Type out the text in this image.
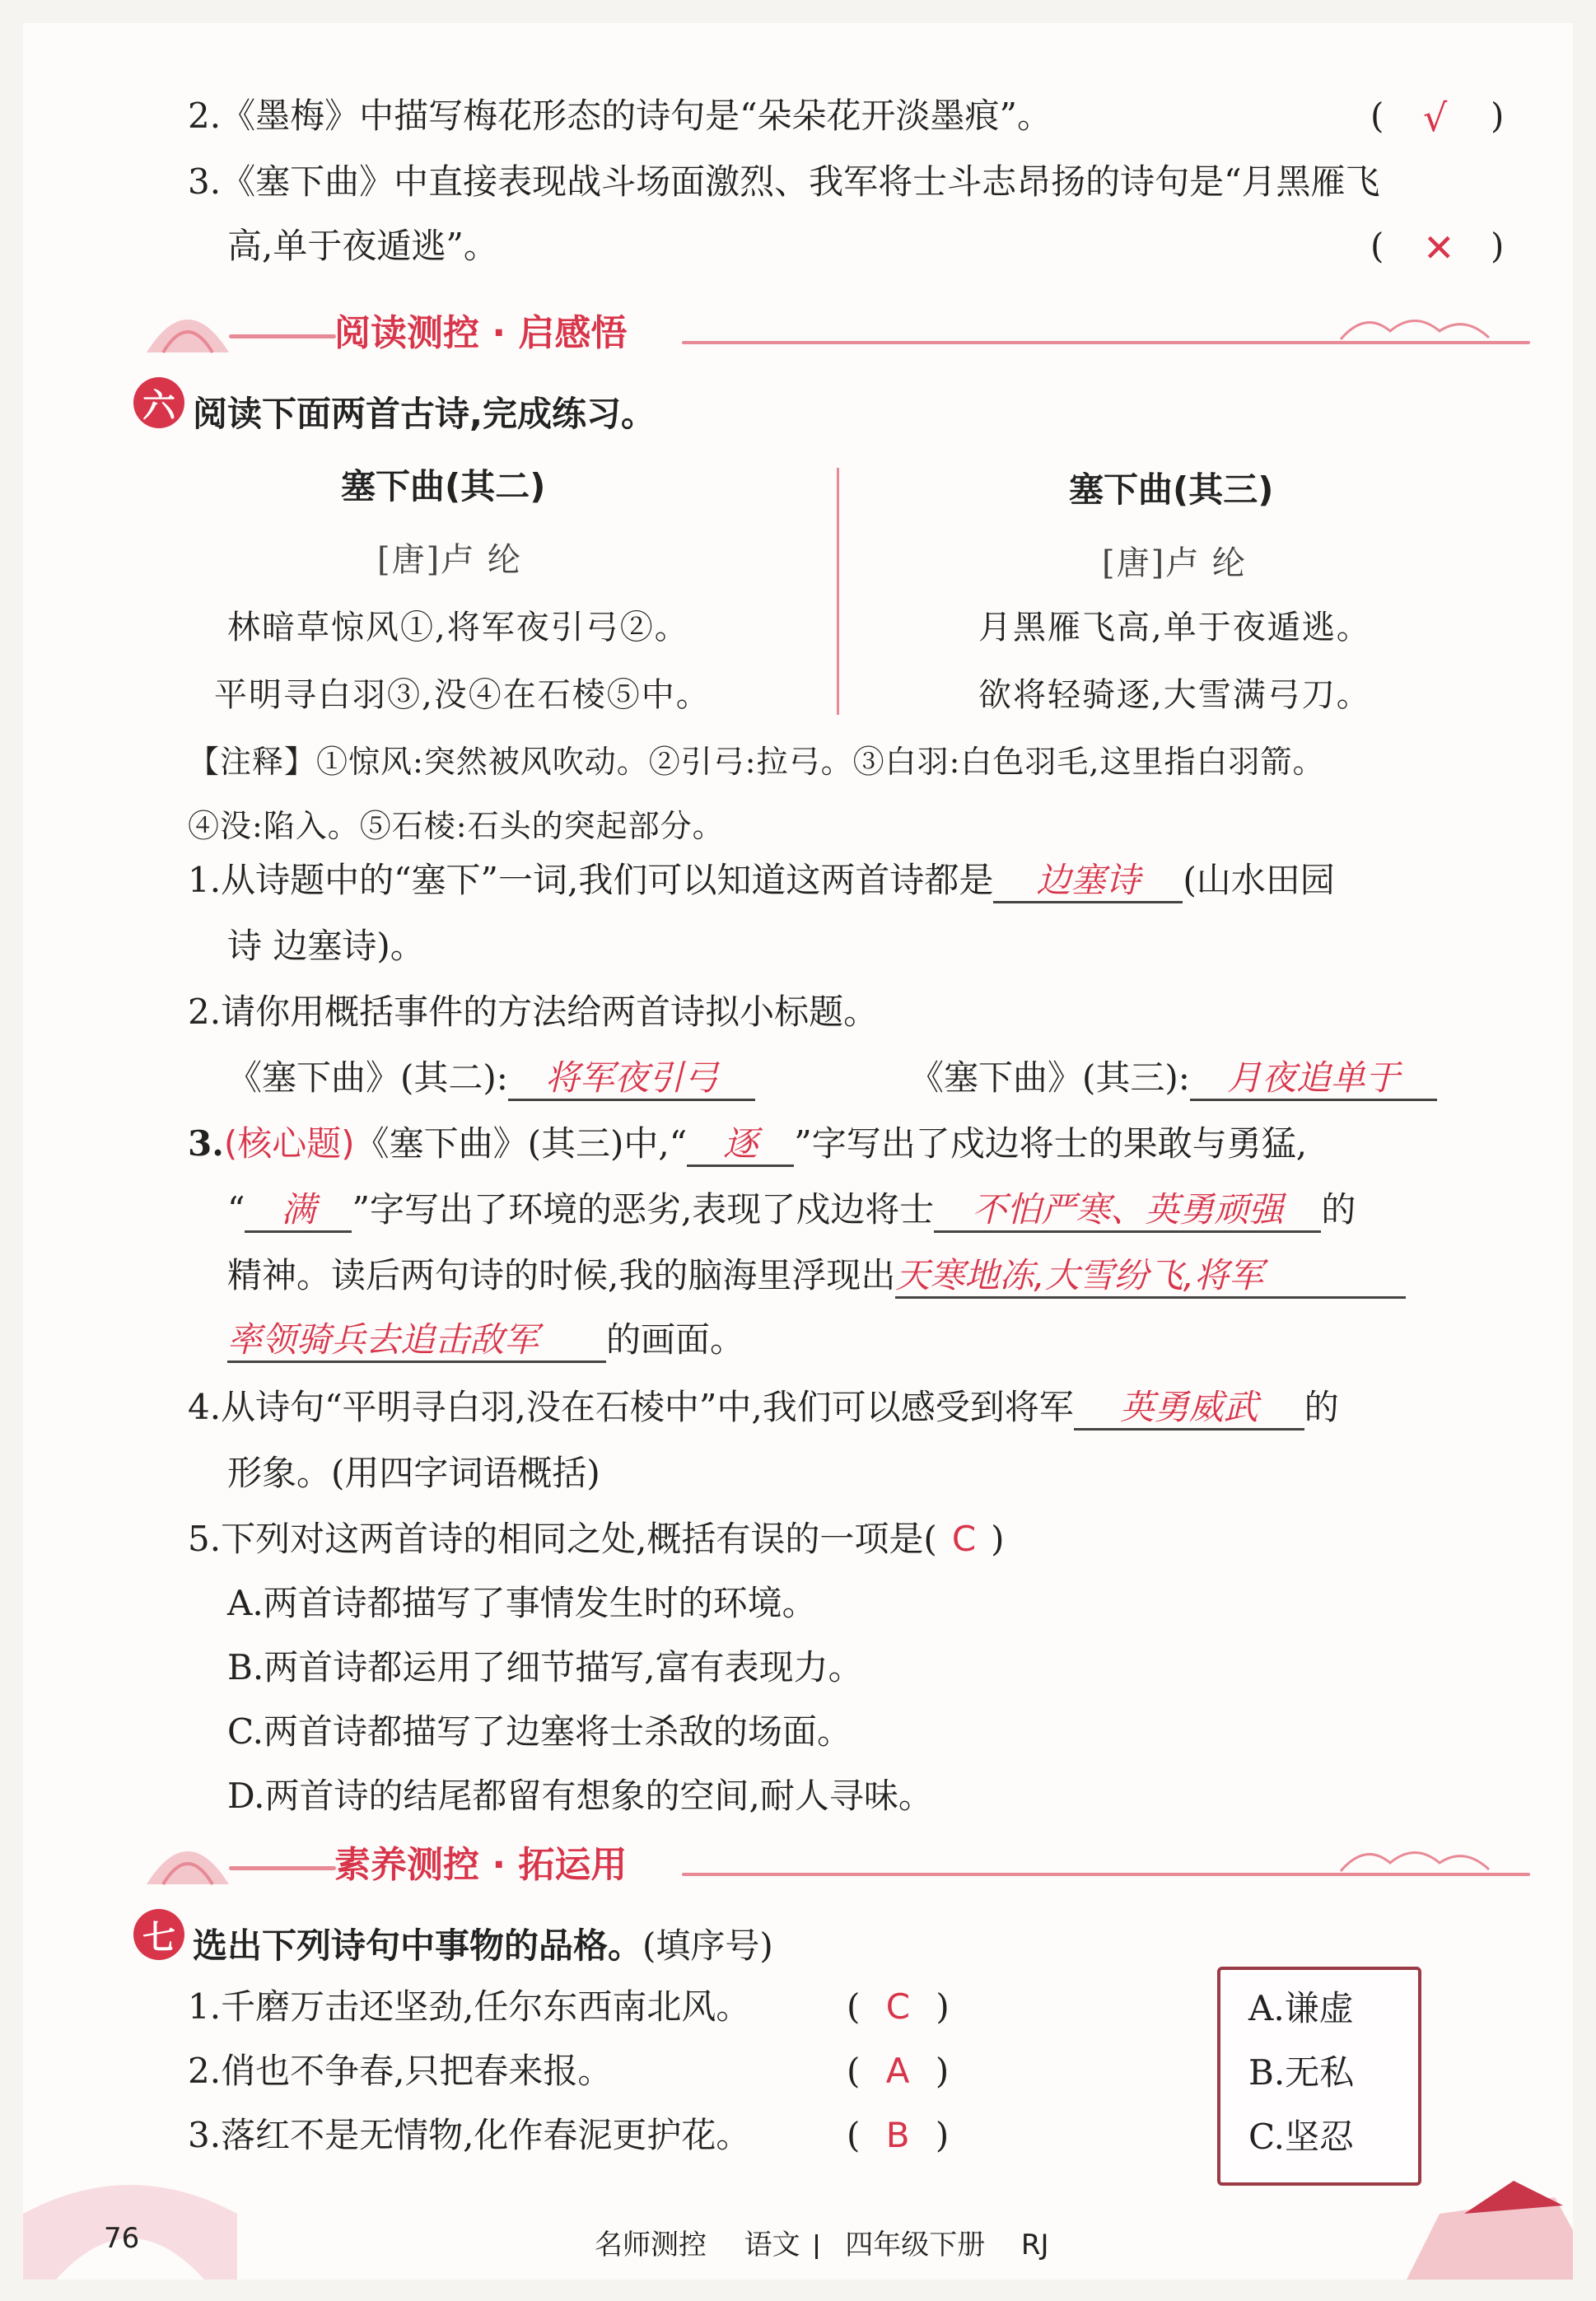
2.《墨梅》中描写梅花形态的诗句是“朵朵花开淡墨痕”。	( √ )
3.《塞下曲》中直接表现战斗场面激烈、我军将士斗志昂扬的诗句是“月黑雁飞
高,单于夜遁逃”。	( ✕ )
阅读测控 · 启感悟
六 阅读下面两首古诗,完成练习。
塞下曲(其二)
[唐]卢 纶
林暗草惊风①,将军夜引弓②。
平明寻白羽③,没④在石棱⑤中。
塞下曲(其三)
[唐]卢 纶
月黑雁飞高,单于夜遁逃。
欲将轻骑逐,大雪满弓刀。
【注释】①惊风:突然被风吹动。②引弓:拉弓。③白羽:白色羽毛,这里指白羽箭。
④没:陷入。⑤石棱:石头的突起部分。
1.从诗题中的“塞下”一词,我们可以知道这两首诗都是 边塞诗 (山水田园
诗 边塞诗)。
2.请你用概括事件的方法给两首诗拟小标题。
《塞下曲》(其二): 将军夜引弓	《塞下曲》(其三): 月夜追单于
3.(核心题)《塞下曲》(其三)中,“ 逐 ”字写出了戍边将士的果敢与勇猛,
“ 满 ”字写出了环境的恶劣,表现了戍边将士 不怕严寒、英勇顽强 的
精神。读后两句诗的时候,我的脑海里浮现出天寒地冻,大雪纷飞,将军
率领骑兵去追击敌军 的画面。
4.从诗句“平明寻白羽,没在石棱中”中,我们可以感受到将军 英勇威武 的
形象。(用四字词语概括)
5.下列对这两首诗的相同之处,概括有误的一项是( C )
A.两首诗都描写了事情发生时的环境。
B.两首诗都运用了细节描写,富有表现力。
C.两首诗都描写了边塞将士杀敌的场面。
D.两首诗的结尾都留有想象的空间,耐人寻味。
素养测控 · 拓运用
七 选出下列诗句中事物的品格。(填序号)
1.千磨万击还坚劲,任尔东西南北风。	( C )
2.俏也不争春,只把春来报。	( A )
3.落红不是无情物,化作春泥更护花。	( B )
A.谦虚
B.无私
C.坚忍
76	名师测控 语文 四年级下册 RJ
